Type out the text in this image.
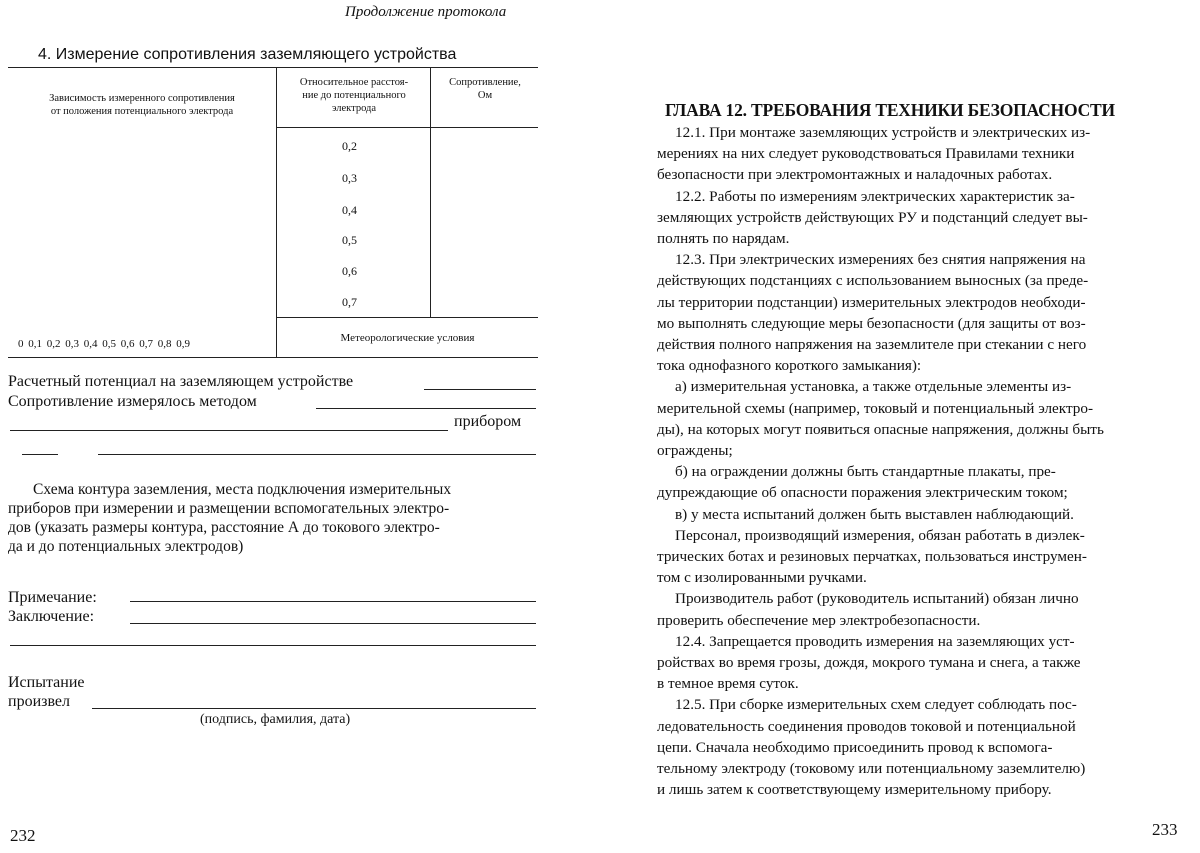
Продолжение протокола
4. Измерение сопротивления заземляющего устройства
Зависимость измеренного сопротивления
от положения потенциального электрода
Относительное расстоя-
ние до потенциального
электрода
Сопротивление,
Ом
0,2
0,3
0,4
0,5
0,6
0,7
0 0,1 0,2 0,3 0,4 0,5 0,6 0,7 0,8 0,9	Метеорологические условия
Расчетный потенциал на заземляющем устройстве
Сопротивление измерялось методом
прибором
Схема контура заземления, места подключения измерительных
приборов при измерении и размещении вспомогательных электро-
дов (указать размеры контура, расстояние А до токового электро-
да и до потенциальных электродов)
Примечание:
Заключение:
Испытание
произвел
(подпись, фамилия, дата)
232
ГЛАВА 12. ТРЕБОВАНИЯ ТЕХНИКИ БЕЗОПАСНОСТИ
12.1. При монтаже заземляющих устройств и электрических из-
мерениях на них следует руководствоваться Правилами техники
безопасности при электромонтажных и наладочных работах.
12.2. Работы по измерениям электрических характеристик за-
земляющих устройств действующих РУ и подстанций следует вы-
полнять по нарядам.
12.3. При электрических измерениях без снятия напряжения на
действующих подстанциях с использованием выносных (за преде-
лы территории подстанции) измерительных электродов необходи-
мо выполнять следующие меры безопасности (для защиты от воз-
действия полного напряжения на заземлителе при стекании с него
тока однофазного короткого замыкания):
а) измерительная установка, а также отдельные элементы из-
мерительной схемы (например, токовый и потенциальный электро-
ды), на которых могут появиться опасные напряжения, должны быть
ограждены;
б) на ограждении должны быть стандартные плакаты, пре-
дупреждающие об опасности поражения электрическим током;
в) у места испытаний должен быть выставлен наблюдающий.
Персонал, производящий измерения, обязан работать в диэлек-
трических ботах и резиновых перчатках, пользоваться инструмен-
том с изолированными ручками.
Производитель работ (руководитель испытаний) обязан лично
проверить обеспечение мер электробезопасности.
12.4. Запрещается проводить измерения на заземляющих уст-
ройствах во время грозы, дождя, мокрого тумана и снега, а также
в темное время суток.
12.5. При сборке измерительных схем следует соблюдать пос-
ледовательность соединения проводов токовой и потенциальной
цепи. Сначала необходимо присоединить провод к вспомога-
тельному электроду (токовому или потенциальному заземлителю)
и лишь затем к соответствующему измерительному прибору.
233
